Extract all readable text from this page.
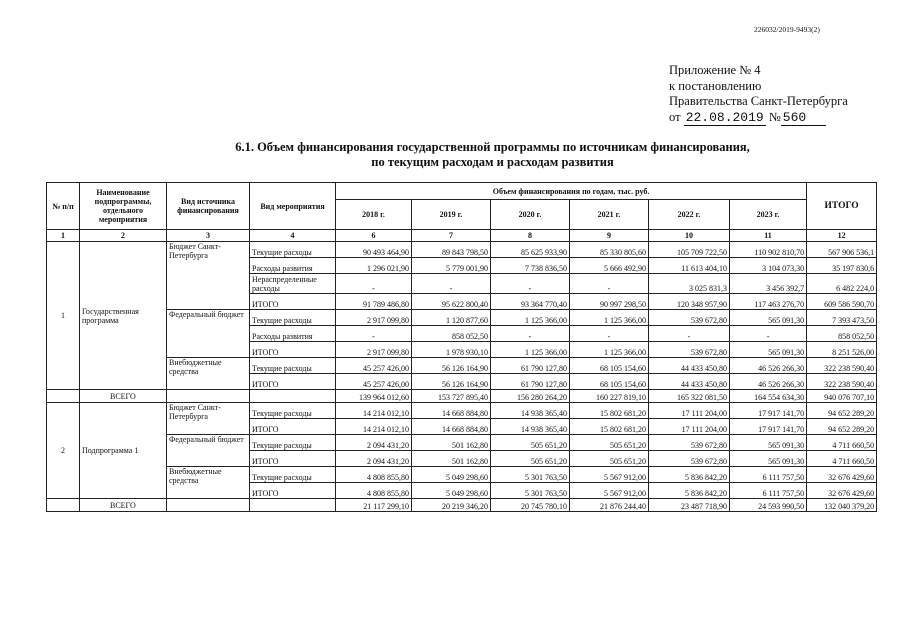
226032/2019-9493(2)
Приложение № 4
к постановлению
Правительства Санкт-Петербурга
от 22.08.2019 № 560
6.1. Объем финансирования государственной программы по источникам финансирования,
по текущим расходам и расходам развития
№ п/п	Наименование подпрограммы, отдельного мероприятия	Вид источника финансирования	Вид мероприятия	Объем финансирования по годам, тыс. руб.						ИТОГО
				2018 г.	2019 г.	2020 г.	2021 г.	2022 г.	2023 г.	
1	2	3	4	6	7	8	9	10	11	12
1	Государственная программа	Бюджет Санкт-Петербурга	Текущие расходы	90 493 464,90	89 843 798,50	85 625 933,90	85 330 805,60	105 709 722,50	110 902 810,70	567 906 536,1
			Расходы развития	1 296 021,90	5 779 001,90	7 738 836,50	5 666 492,90	11 613 404,10	3 104 073,30	35 197 830,6
			Нераспределенные расходы	-	-	-	-	3 025 831,3	3 456 392,7	6 482 224,0
			ИТОГО	91 789 486,80	95 622 800,40	93 364 770,40	90 997 298,50	120 348 957,90	117 463 276,70	609 586 590,70
		Федеральный бюджет	Текущие расходы	2 917 099,80	1 120 877,60	1 125 366,00	1 125 366,00	539 672,80	565 091,30	7 393 473,50
			Расходы развития	-	858 052,50	-	-	-	-	858 052,50
			ИТОГО	2 917 099,80	1 978 930,10	1 125 366,00	1 125 366,00	539 672,80	565 091,30	8 251 526,00
		Внебюджетные средства	Текущие расходы	45 257 426,00	56 126 164,90	61 790 127,80	68 105 154,60	44 433 450,80	46 526 266,30	322 238 590,40
			ИТОГО	45 257 426,00	56 126 164,90	61 790 127,80	68 105 154,60	44 433 450,80	46 526 266,30	322 238 590,40
	ВСЕГО			139 964 012,60	153 727 895,40	156 280 264,20	160 227 819,10	165 322 081,50	164 554 634,30	940 076 707,10
2	Подпрограмма 1	Бюджет Санкт-Петербурга	Текущие расходы	14 214 012,10	14 668 884,80	14 938 365,40	15 802 681,20	17 111 204,00	17 917 141,70	94 652 289,20
			ИТОГО	14 214 012,10	14 668 884,80	14 938 365,40	15 802 681,20	17 111 204,00	17 917 141,70	94 652 289,20
		Федеральный бюджет	Текущие расходы	2 094 431,20	501 162,80	505 651,20	505 651,20	539 672,80	565 091,30	4 711 660,50
			ИТОГО	2 094 431,20	501 162,80	505 651,20	505 651,20	539 672,80	565 091,30	4 711 660,50
		Внебюджетные средства	Текущие расходы	4 808 855,80	5 049 298,60	5 301 763,50	5 567 912,00	5 836 842,20	6 111 757,50	32 676 429,60
			ИТОГО	4 808 855,80	5 049 298,60	5 301 763,50	5 567 912,00	5 836 842,20	6 111 757,50	32 676 429,60
	ВСЕГО			21 117 299,10	20 219 346,20	20 745 780,10	21 876 244,40	23 487 718,90	24 593 990,50	132 040 379,20
